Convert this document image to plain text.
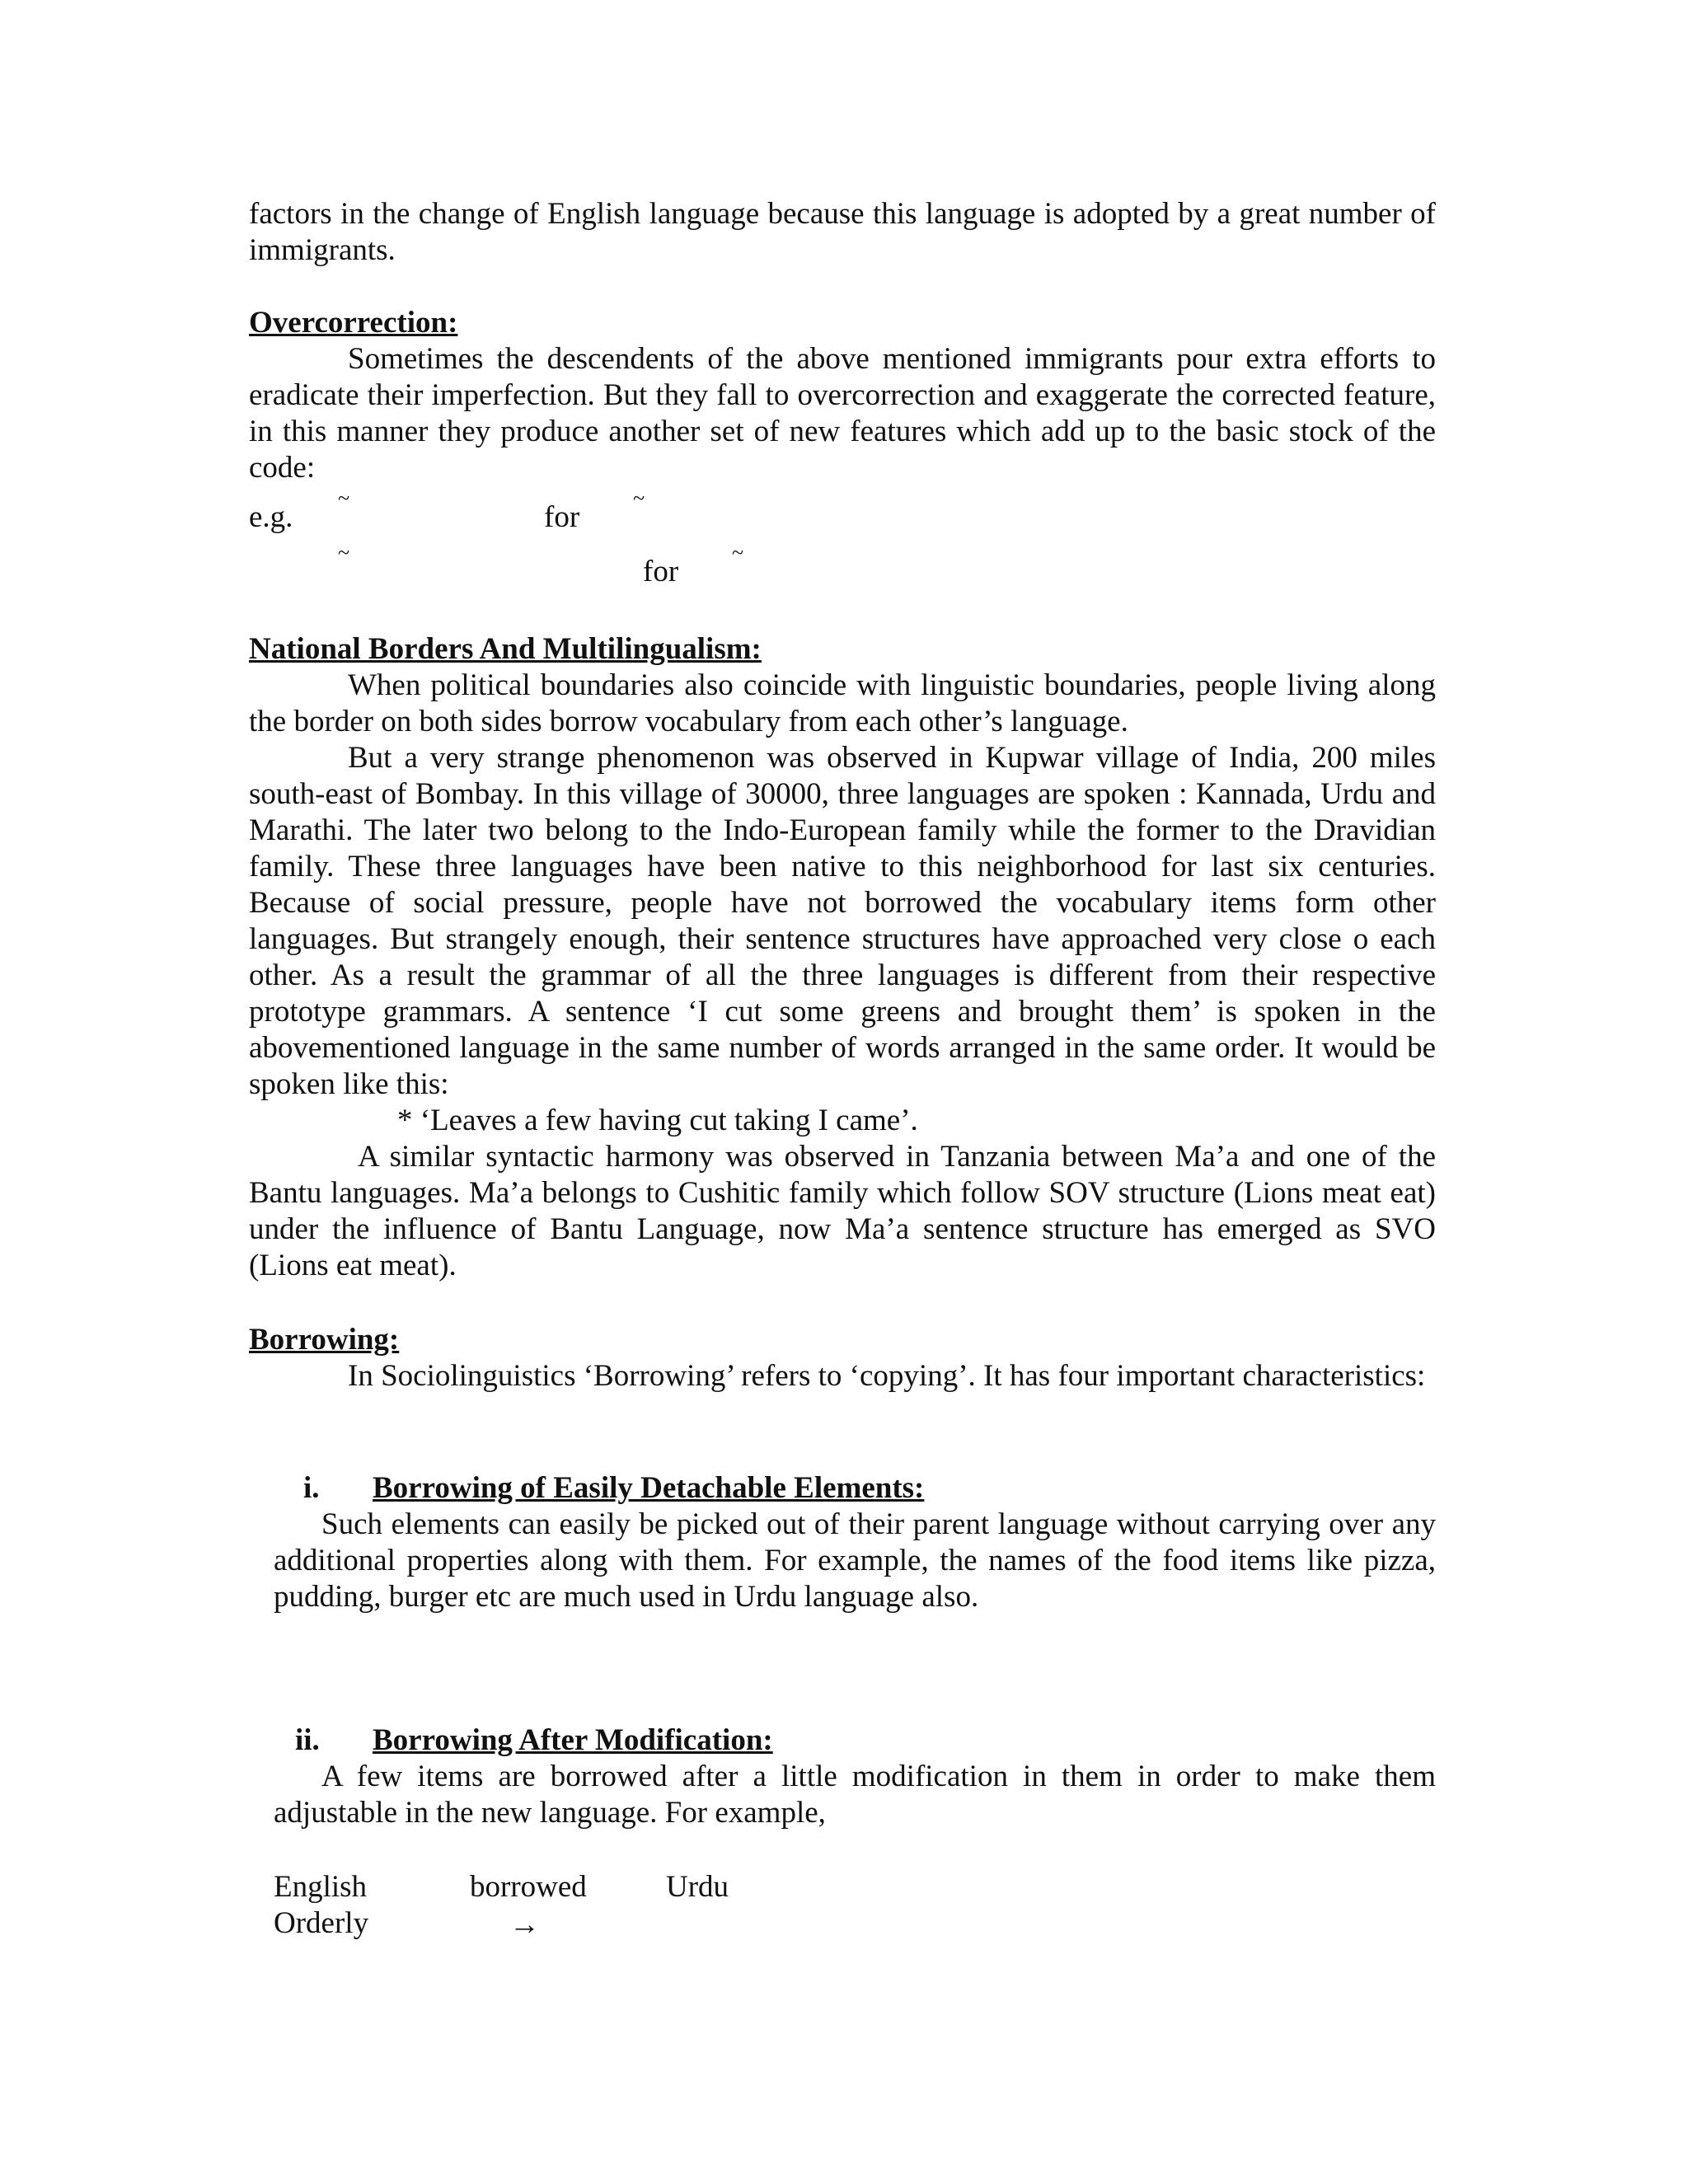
factors in the change of English language because this language is adopted by a great number of immigrants.

Overcorrection:

Sometimes the descendents of the above mentioned immigrants pour extra efforts to eradicate their imperfection. But they fall to overcorrection and exaggerate the corrected feature, in this manner they produce another set of new features which add up to the basic stock of the code:

e.g.
~
for
~
~
for
~

National Borders And Multilingualism:

When political boundaries also coincide with linguistic boundaries, people living along the border on both sides borrow vocabulary from each other’s language.

But a very strange phenomenon was observed in Kupwar village of India, 200 miles south-east of Bombay. In this village of 30000, three languages are spoken : Kannada, Urdu and Marathi. The later two belong to the Indo-European family while the former to the Dravidian family. These three languages have been native to this neighborhood for last six centuries. Because of social pressure, people have not borrowed the vocabulary items form other languages. But strangely enough, their sentence structures have approached very close o each other. As a result the grammar of all the three languages is different from their respective prototype grammars. A sentence ‘I cut some greens and brought them’ is spoken in the abovementioned language in the same number of words arranged in the same order. It would be spoken like this:

* ‘Leaves a few having cut taking I came’.

A similar syntactic harmony was observed in Tanzania between Ma’a and one of the Bantu languages. Ma’a belongs to Cushitic family which follow SOV structure (Lions meat eat) under the influence of Bantu Language, now Ma’a sentence structure has emerged as SVO (Lions eat meat).

Borrowing:

In Sociolinguistics ‘Borrowing’ refers to ‘copying’. It has four important characteristics:

i. Borrowing of Easily Detachable Elements:

Such elements can easily be picked out of their parent language without carrying over any additional properties along with them. For example, the names of the food items like pizza, pudding, burger etc are much used in Urdu language also.

ii. Borrowing After Modification:

A few items are borrowed after a little modification in them in order to make them adjustable in the new language. For example,

English	borrowed	Urdu
Orderly	→
